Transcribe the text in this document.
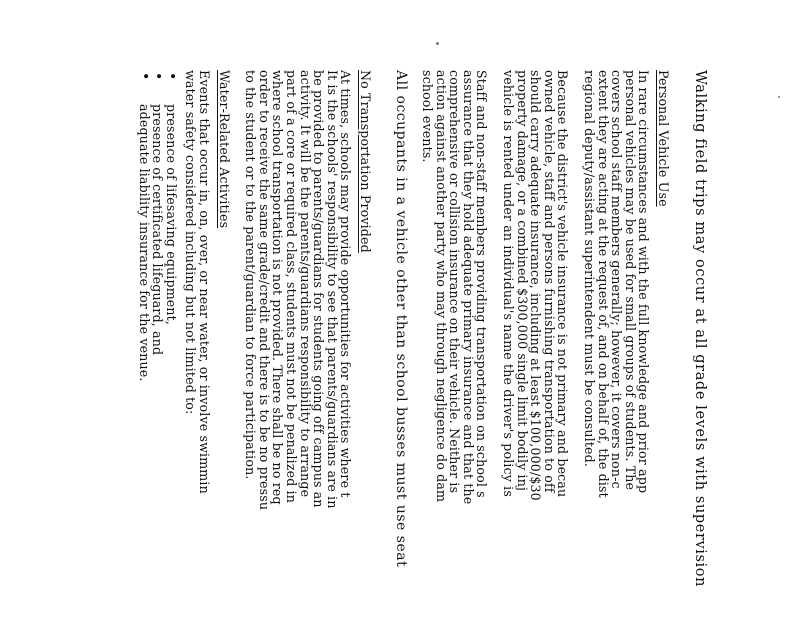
Walking field trips may occur at all grade levels with supervision

Personal Vehicle Use

In rare circumstances and with the full knowledge and prior app
personal vehicles may be used for small groups of students. The
covers school staff members generally; however, it covers non-c
extent they are acting at the request of, and on behalf of, the dist
regional deputy/assistant superintendent must be consulted.
Because the district's vehicle insurance is not primary and becau
owned vehicle, staff and persons furnishing transportation to off
should carry adequate insurance, including at least $100,000/$30
property damage, or a combined $300,000 single limit bodily inj
vehicle is rented under an individual's name the driver's policy is
Staff and non-staff members providing transportation on school s
assurance that they hold adequate primary insurance and that the
comprehensive or collision insurance on their vehicle. Neither is
action against another party who may through negligence do dam
school events.

All occupants in a vehicle other than school busses must use seat

No Transportation Provided

At times, schools may provide opportunities for activities where t
It is the schools' responsibility to see that parents/guardians are in
be provided to parents/guardians for students going off campus an
activity. It will be the parents/guardians responsibility to arrange
part of a core or required class, students must not be penalized in
where school transportation is not provided. There shall be no req
order to receive the same grade/credit and there is to be no pressu
to the student or to the parent/guardian to force participation.

Water-Related Activities

Events that occur in, on, over, or near water, or involve swimmin
water safety considered including but not limited to:
• presence of lifesaving equipment,
• presence of certificated lifeguard, and
• adequate liability insurance for the venue.
